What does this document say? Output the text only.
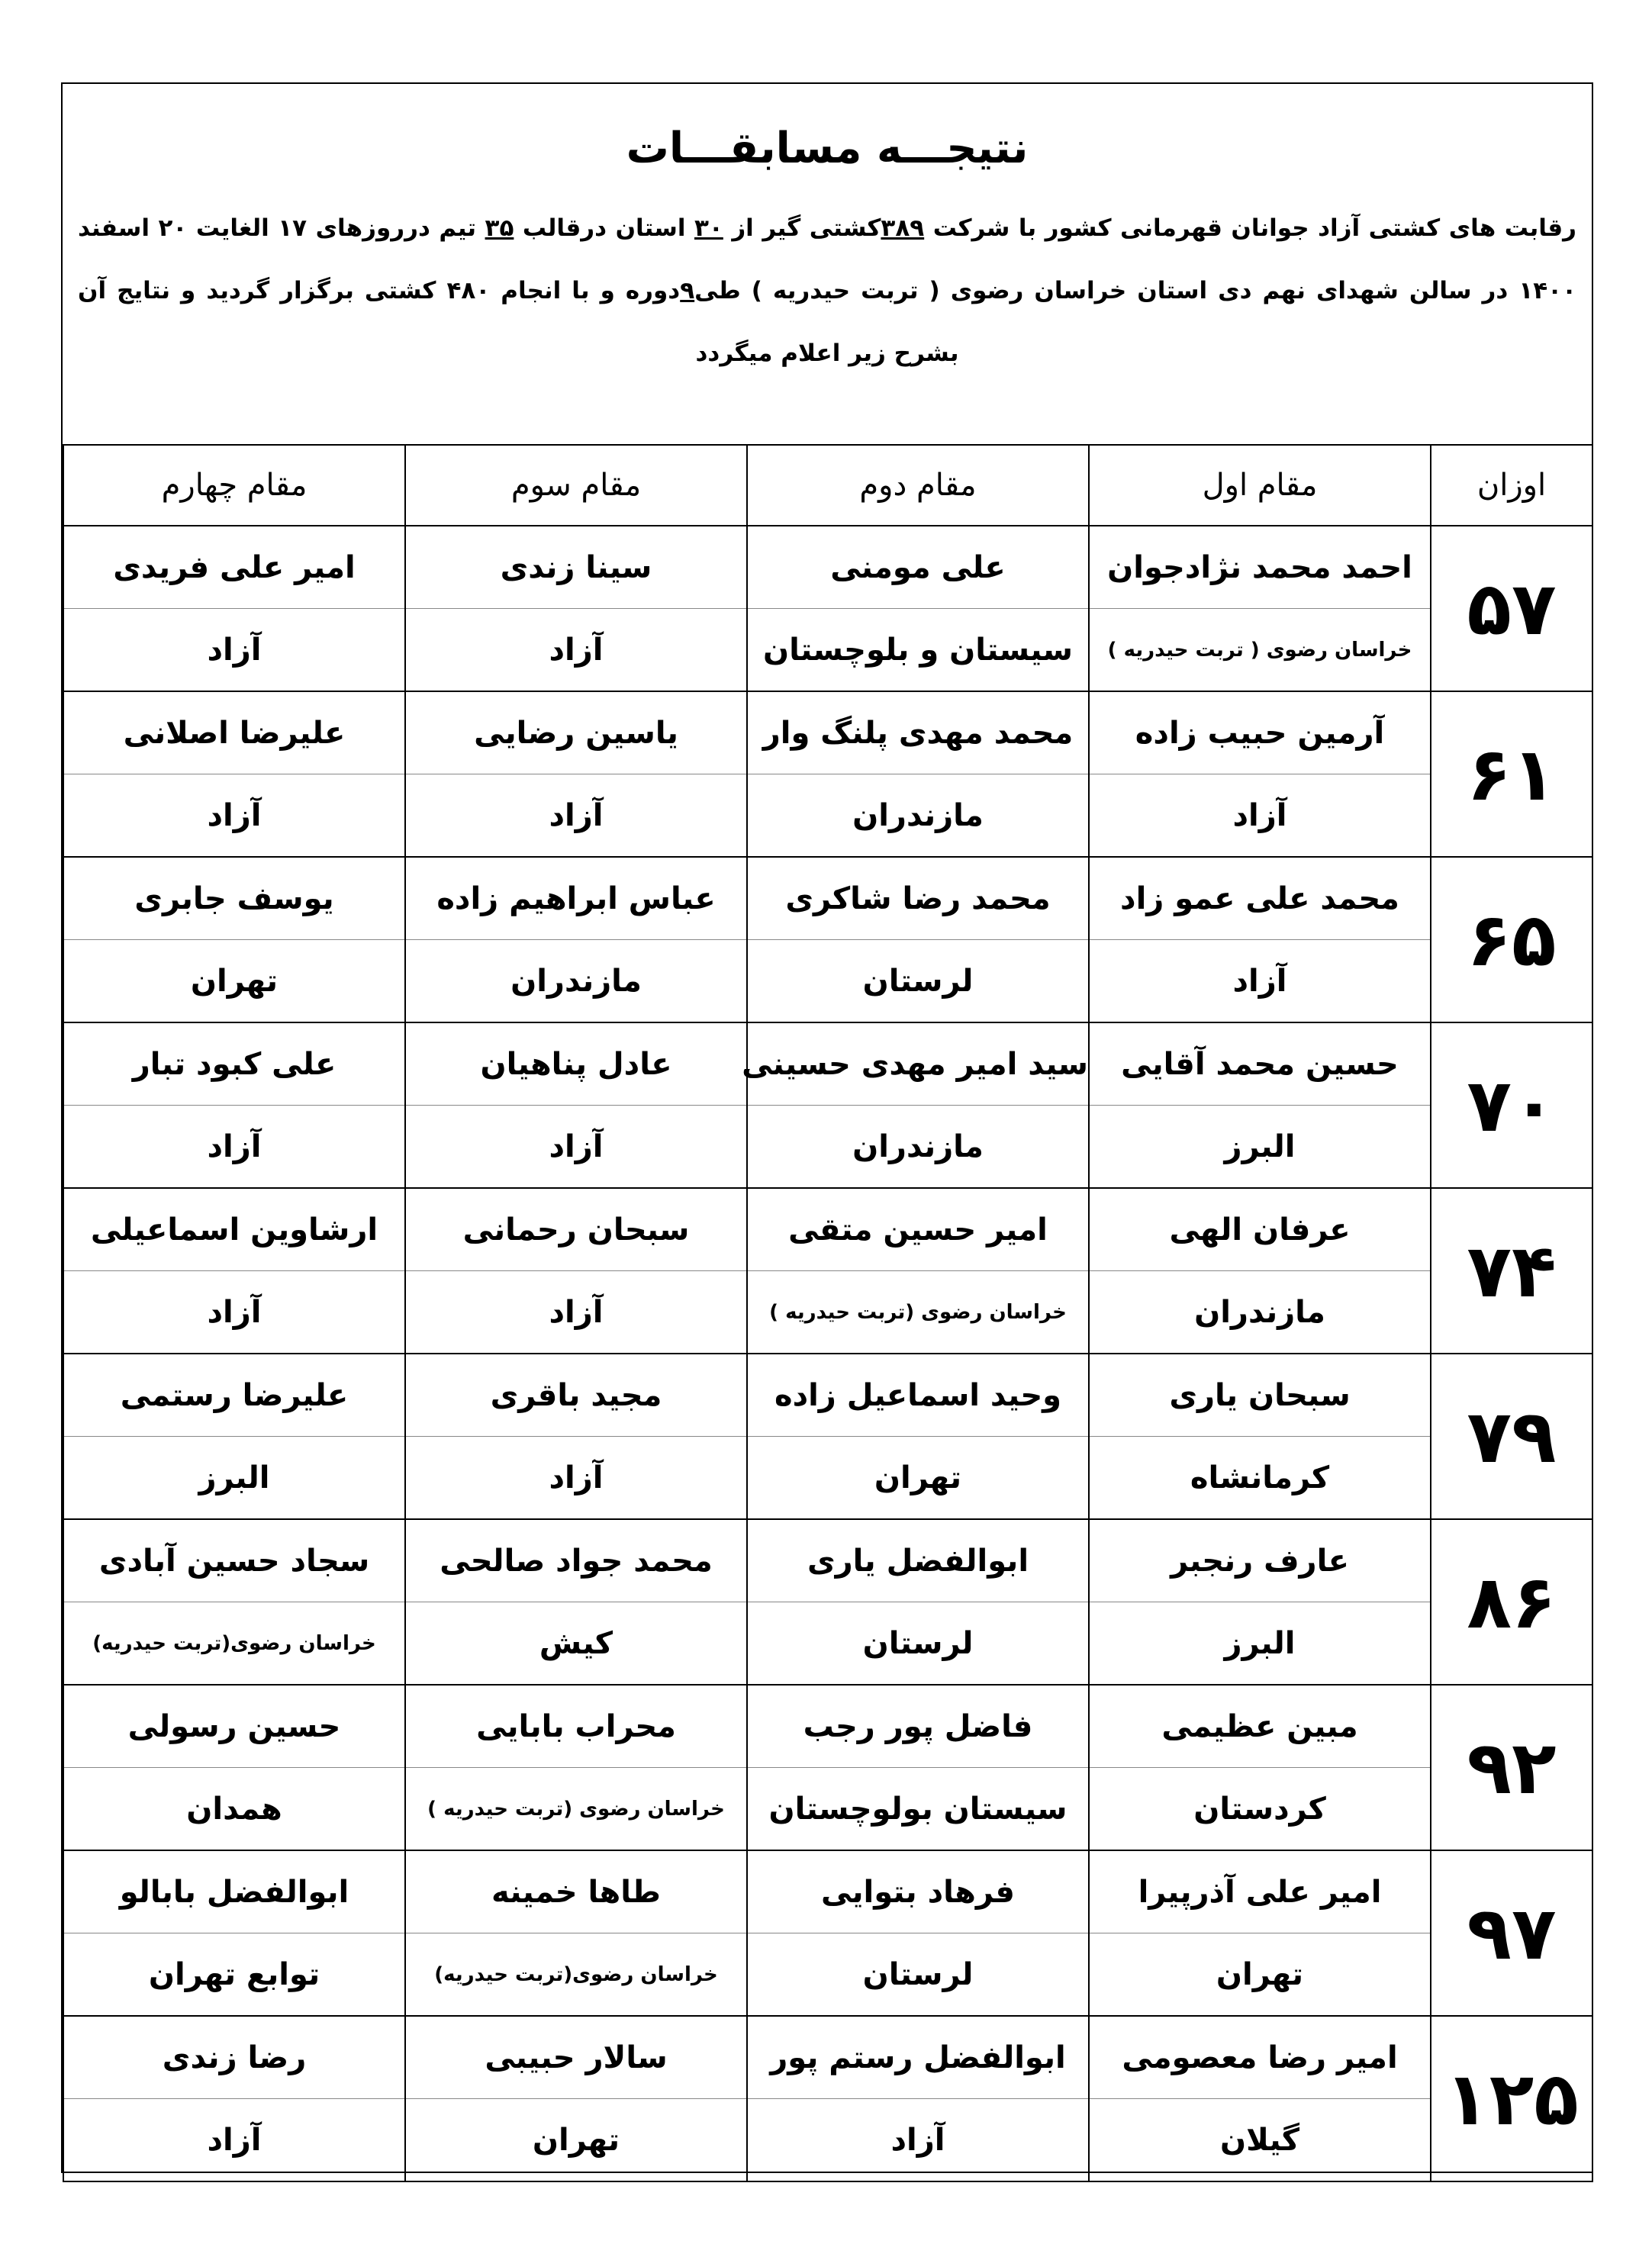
نتیجـــه مسابقـــات
رقابت های کشتی آزاد جوانان قهرمانی کشور با شرکت ۳۸۹کشتی گیر از ۳۰ استان درقالب ۳۵ تیم درروزهای ۱۷ الغایت ۲۰ اسفند ۱۴۰۰ در سالن شهدای نهم دی استان خراسان رضوی ( تربت حیدریه ) طی۹دوره و با انجام ۴۸۰ کشتی برگزار گردید و نتایج آن بشرح زیر اعلام میگردد
اوزان	مقام اول	مقام دوم	مقام سوم	مقام چهارم
۵۷	احمد محمد نژادجوان	علی مومنی	سینا زندی	امیر علی فریدی
	خراسان رضوی ( تربت حیدریه )	سیستان و بلوچستان	آزاد	آزاد
۶۱	آرمین حبیب زاده	محمد مهدی پلنگ وار	یاسین رضایی	علیرضا اصلانی
	آزاد	مازندران	آزاد	آزاد
۶۵	محمد علی عمو زاد	محمد رضا شاکری	عباس ابراهیم زاده	یوسف جابری
	آزاد	لرستان	مازندران	تهران
۷۰	حسین محمد آقایی	سید امیر مهدی حسینی	عادل پناهیان	علی کبود تبار
	البرز	مازندران	آزاد	آزاد
۷۴	عرفان الهی	امیر حسین متقی	سبحان رحمانی	ارشاوین اسماعیلی
	مازندران	خراسان رضوی (تربت حیدریه )	آزاد	آزاد
۷۹	سبحان یاری	وحید اسماعیل زاده	مجید باقری	علیرضا رستمی
	کرمانشاه	تهران	آزاد	البرز
۸۶	عارف رنجبر	ابوالفضل یاری	محمد جواد صالحی	سجاد حسین آبادی
	البرز	لرستان	کیش	خراسان رضوی(تربت حیدریه)
۹۲	مبین عظیمی	فاضل پور رجب	محراب بابایی	حسین رسولی
	کردستان	سیستان بولوچستان	خراسان رضوی (تربت حیدریه )	همدان
۹۷	امیر علی آذرپیرا	فرهاد بتوایی	طاها خمینه	ابوالفضل بابالو
	تهران	لرستان	خراسان رضوی(تربت حیدریه)	توابع تهران
۱۲۵	امیر رضا معصومی	ابوالفضل رستم پور	سالار حبیبی	رضا زندی
	گیلان	آزاد	تهران	آزاد
